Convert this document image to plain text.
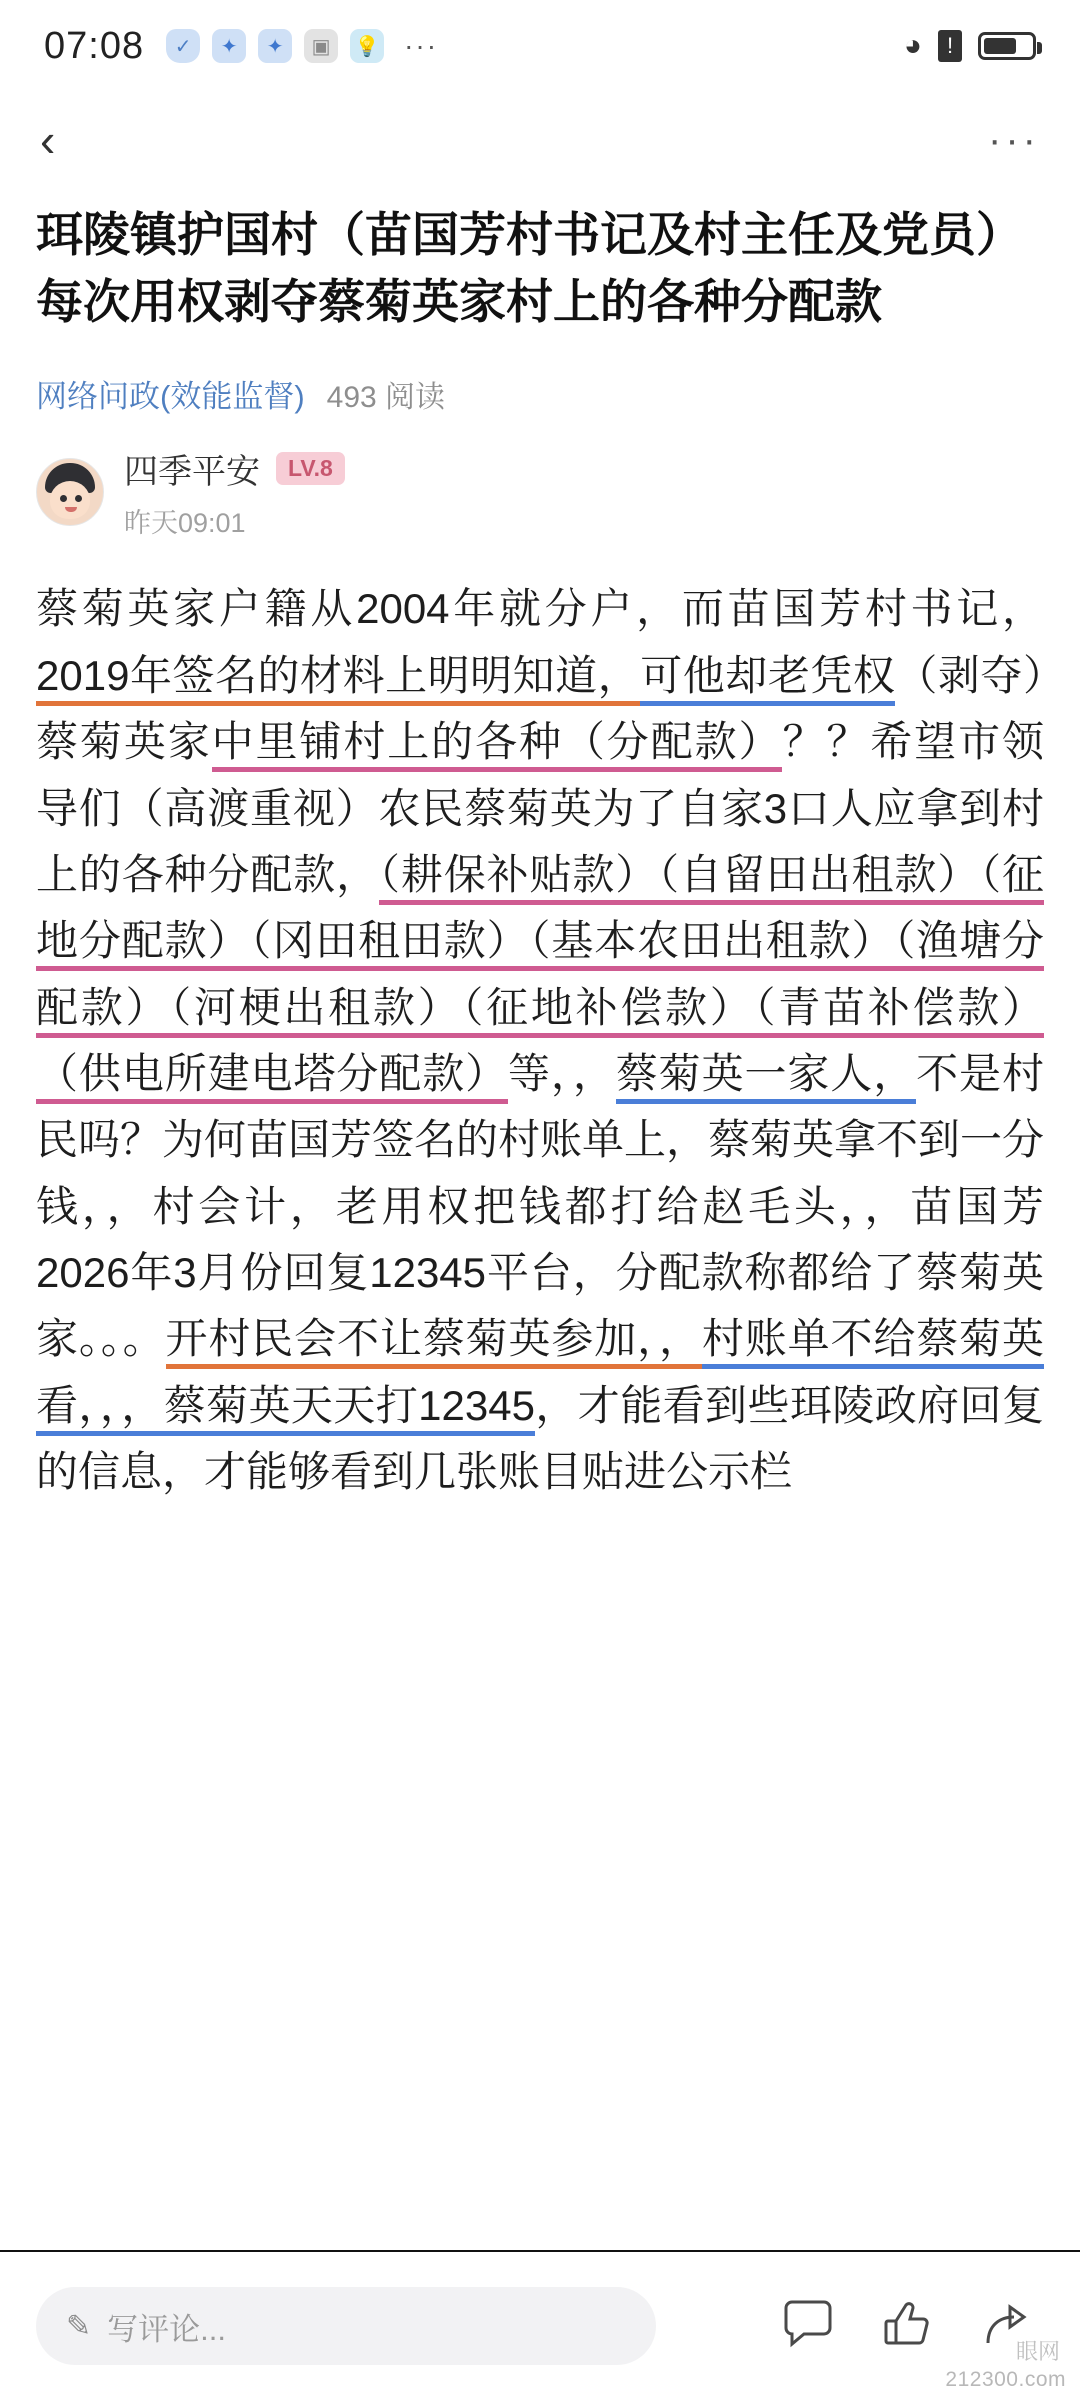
07:08	✓	✦	✦	▣	💡 ···	◕	!
‹	···
珥陵镇护国村（苗国芳村书记及村主任及党员）每次用权剥夺蔡菊英家村上的各种分配款
网络问政(效能监督) 493 阅读
四季平安	LV.8
昨天09:01
蔡菊英家户籍从2004年就分户，而苗国芳村书记，2019年签名的材料上明明知道，可他却老凭权（剥夺）蔡菊英家中里铺村上的各种（分配款）？？希望市领导们（高渡重视）农民蔡菊英为了自家3口人应拿到村上的各种分配款，（耕保补贴款）（自留田出租款）（征地分配款）（冈田租田款）（基本农田出租款）（渔塘分配款）（河梗出租款）（征地补偿款）（青苗补偿款）（供电所建电塔分配款）等，，蔡菊英一家人，不是村民吗？为何苗国芳签名的村账单上，蔡菊英拿不到一分钱，，村会计，老用权把钱都打给赵毛头，，苗国芳2026年3月份回复12345平台，分配款称都给了蔡菊英家。。。开村民会不让蔡菊英参加，，村账单不给蔡菊英看，，，蔡菊英天天打12345，才能看到些珥陵政府回复的信息，才能够看到几张账目贴进公示栏
✎ 写评论...
212300.com
眼网
